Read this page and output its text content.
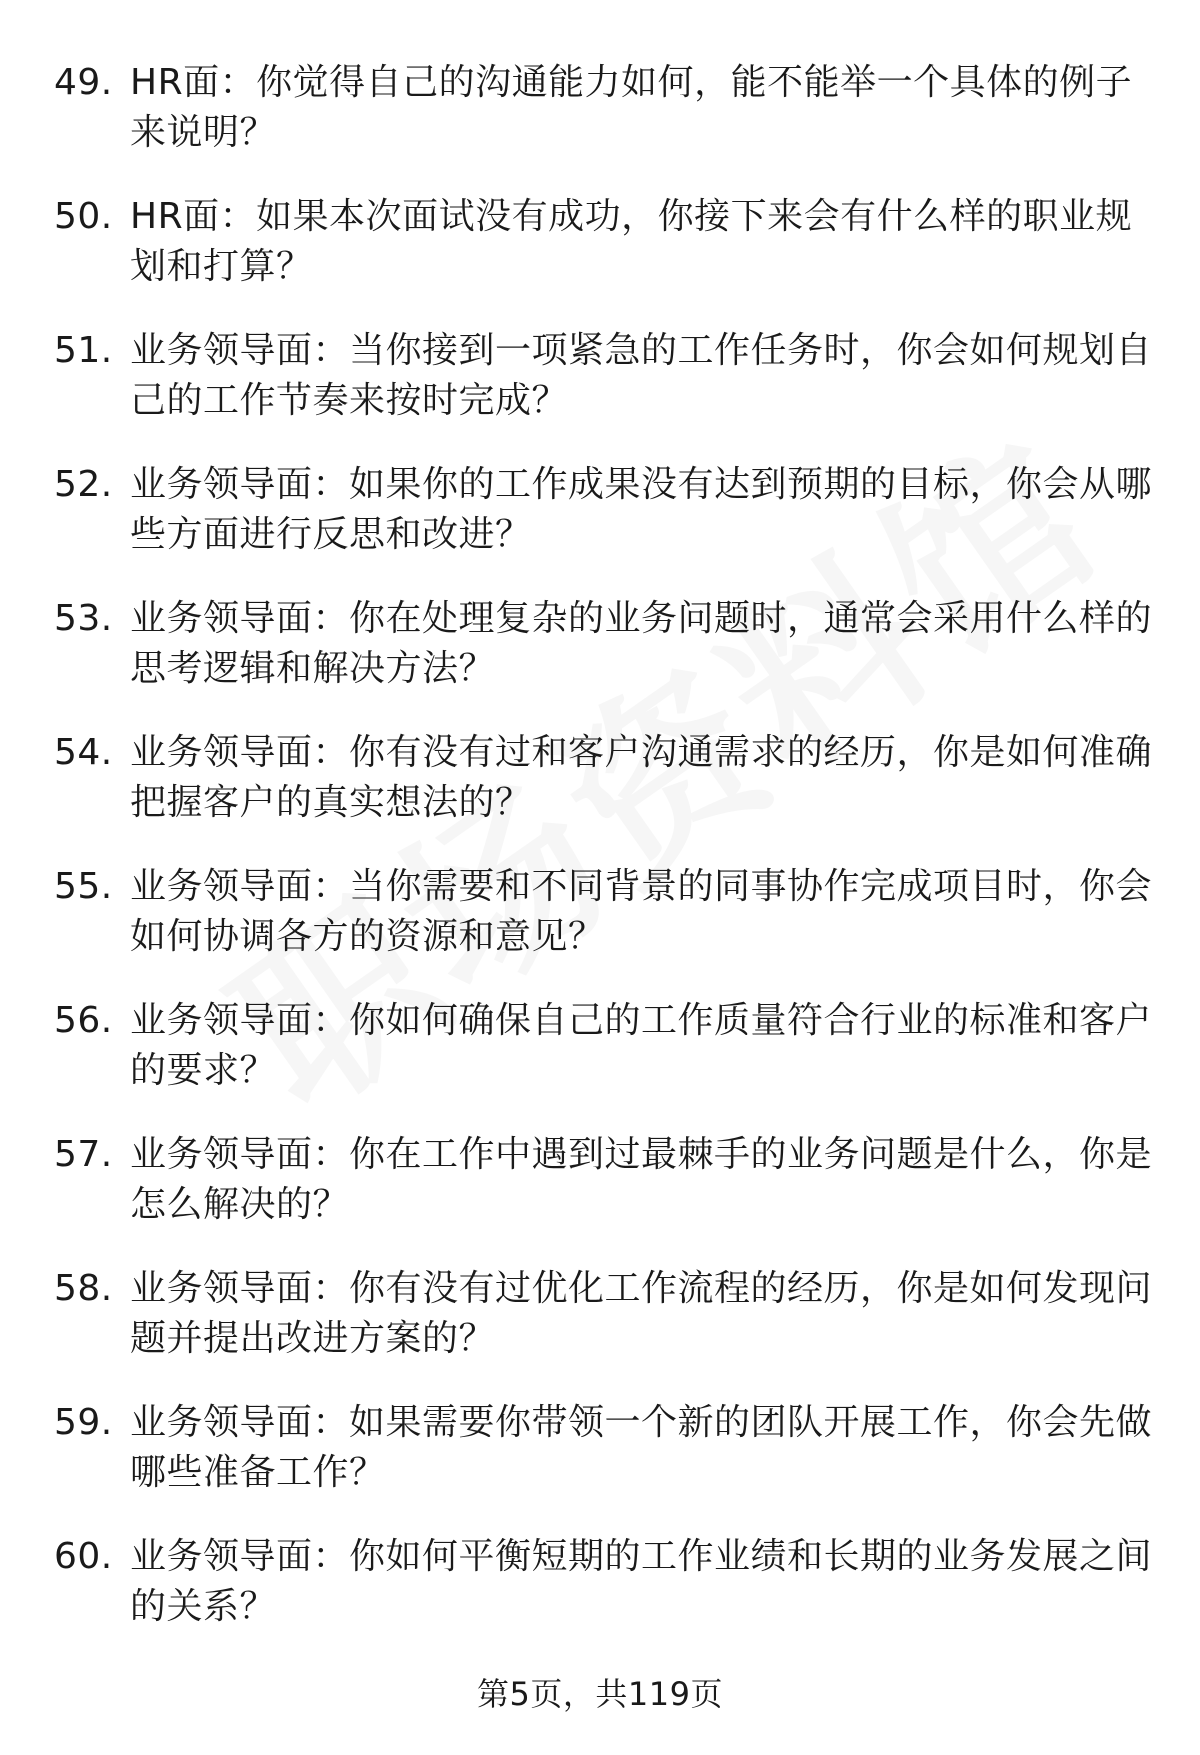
49. HR面：你觉得自己的沟通能力如何，能不能举一个具体的例子来说明？
50. HR面：如果本次面试没有成功，你接下来会有什么样的职业规划和打算？
51. 业务领导面：当你接到一项紧急的工作任务时，你会如何规划自己的工作节奏来按时完成？
52. 业务领导面：如果你的工作成果没有达到预期的目标，你会从哪些方面进行反思和改进？
53. 业务领导面：你在处理复杂的业务问题时，通常会采用什么样的思考逻辑和解决方法？
54. 业务领导面：你有没有过和客户沟通需求的经历，你是如何准确把握客户的真实想法的？
55. 业务领导面：当你需要和不同背景的同事协作完成项目时，你会如何协调各方的资源和意见？
56. 业务领导面：你如何确保自己的工作质量符合行业的标准和客户的要求？
57. 业务领导面：你在工作中遇到过最棘手的业务问题是什么，你是怎么解决的？
58. 业务领导面：你有没有过优化工作流程的经历，你是如何发现问题并提出改进方案的？
59. 业务领导面：如果需要你带领一个新的团队开展工作，你会先做哪些准备工作？
60. 业务领导面：你如何平衡短期的工作业绩和长期的业务发展之间的关系？
第5页，共119页
